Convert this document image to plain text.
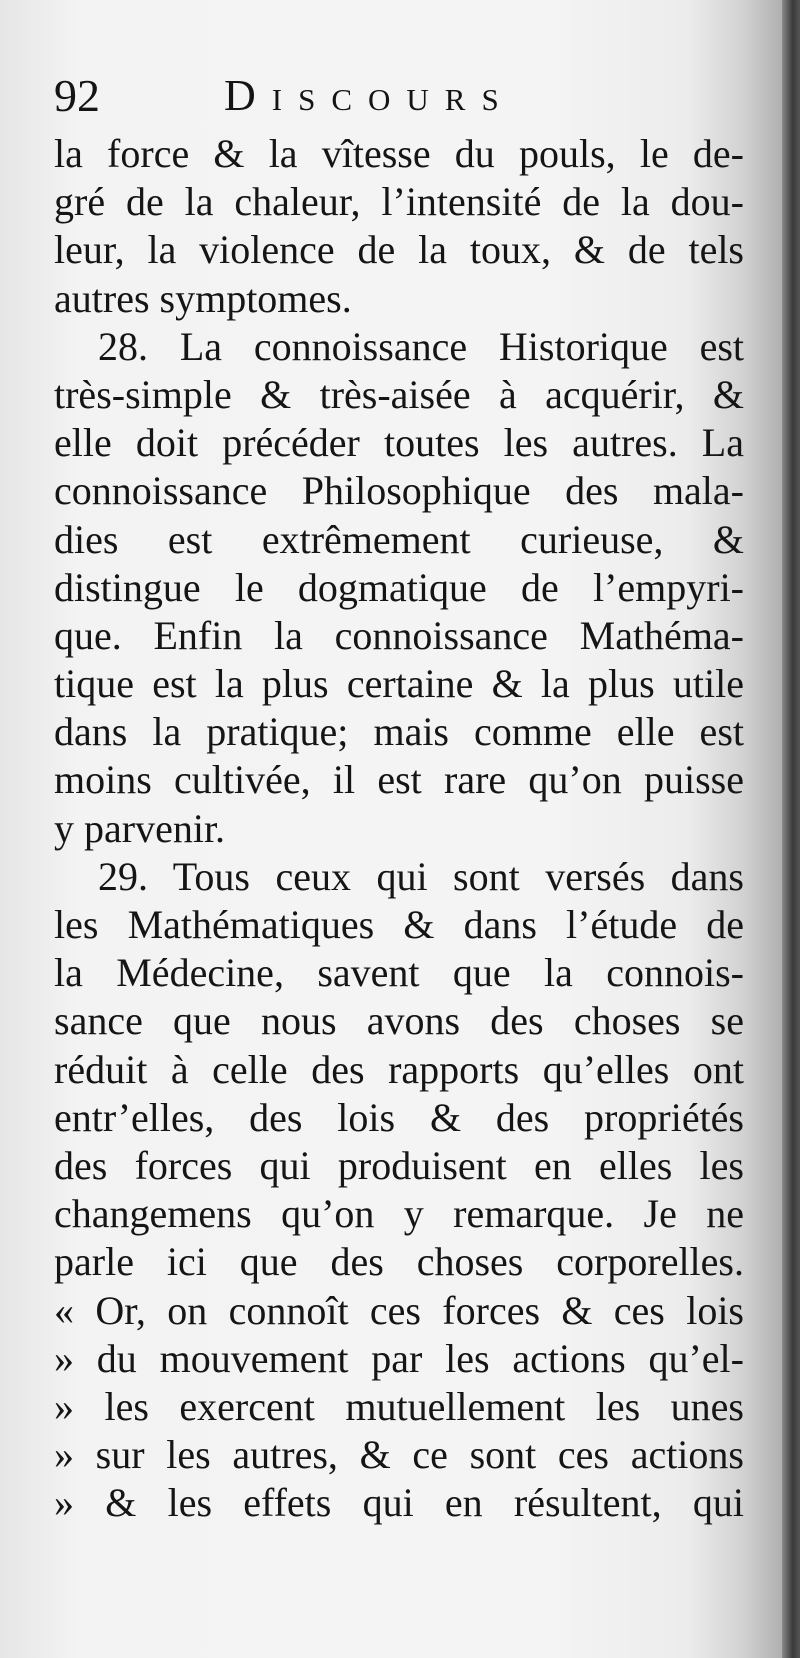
92	Discours
la force & la vîtesse du pouls, le de-
gré de la chaleur, l’intensité de la dou-
leur, la violence de la toux, & de tels
autres symptomes.
28. La connoissance Historique est
très-simple & très-aisée à acquérir, &
elle doit précéder toutes les autres. La
connoissance Philosophique des mala-
dies est extrêmement curieuse, &
distingue le dogmatique de l’empyri-
que. Enfin la connoissance Mathéma-
tique est la plus certaine & la plus utile
dans la pratique; mais comme elle est
moins cultivée, il est rare qu’on puisse
y parvenir.
29. Tous ceux qui sont versés dans
les Mathématiques & dans l’étude de
la Médecine, savent que la connois-
sance que nous avons des choses se
réduit à celle des rapports qu’elles ont
entr’elles, des lois & des propriétés
des forces qui produisent en elles les
changemens qu’on y remarque. Je ne
parle ici que des choses corporelles.
« Or, on connoît ces forces & ces lois
» du mouvement par les actions qu’el-
» les exercent mutuellement les unes
» sur les autres, & ce sont ces actions
» & les effets qui en résultent, qui
